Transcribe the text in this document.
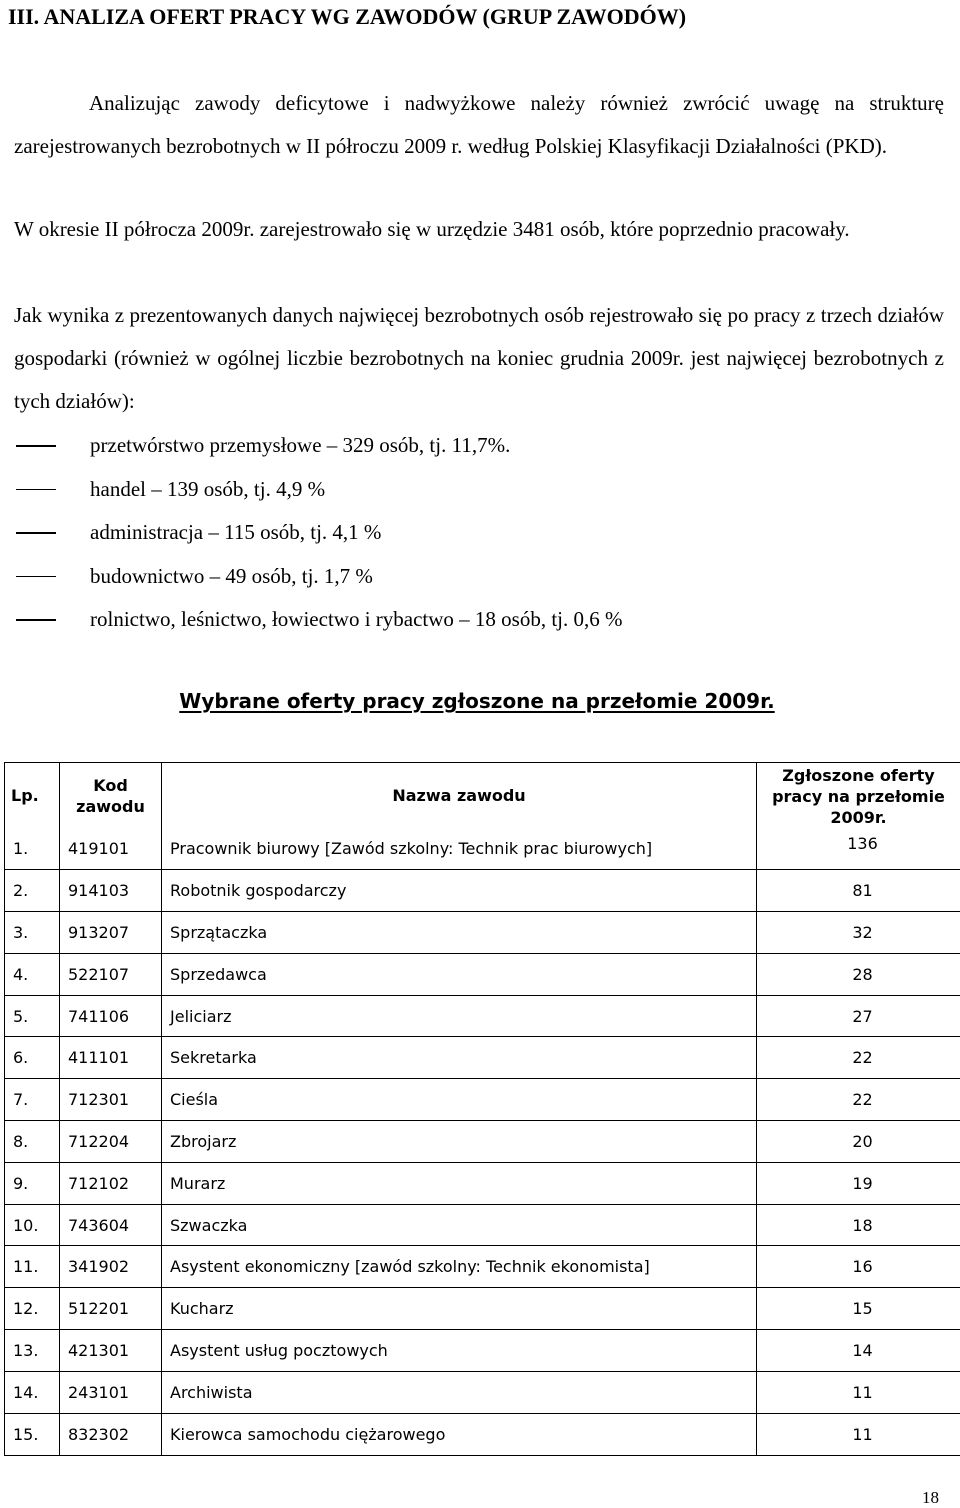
III. ANALIZA OFERT PRACY WG ZAWODÓW (GRUP ZAWODÓW)
Analizując zawody deficytowe i nadwyżkowe należy również zwrócić uwagę na strukturę zarejestrowanych bezrobotnych w II półroczu 2009 r. według Polskiej Klasyfikacji Działalności (PKD).
W okresie II półrocza 2009r. zarejestrowało się w urzędzie 3481 osób, które poprzednio pracowały.
Jak wynika z prezentowanych danych najwięcej bezrobotnych osób rejestrowało się po pracy z trzech działów gospodarki (również w ogólnej liczbie bezrobotnych na koniec grudnia 2009r. jest najwięcej bezrobotnych z tych działów):
przetwórstwo przemysłowe – 329 osób, tj. 11,7%.
handel – 139 osób, tj. 4,9 %
administracja – 115 osób, tj. 4,1 %
budownictwo – 49 osób, tj. 1,7 %
rolnictwo, leśnictwo, łowiectwo i rybactwo – 18 osób, tj. 0,6 %
Wybrane oferty pracy zgłoszone na przełomie 2009r.
Lp.	Kod zawodu	Nazwa zawodu	Zgłoszone oferty pracy na przełomie 2009r.
1.	419101	Pracownik biurowy [Zawód szkolny: Technik prac biurowych]	136
2.	914103	Robotnik gospodarczy	81
3.	913207	Sprzątaczka	32
4.	522107	Sprzedawca	28
5.	741106	Jeliciarz	27
6.	411101	Sekretarka	22
7.	712301	Cieśla	22
8.	712204	Zbrojarz	20
9.	712102	Murarz	19
10.	743604	Szwaczka	18
11.	341902	Asystent ekonomiczny [zawód szkolny: Technik ekonomista]	16
12.	512201	Kucharz	15
13.	421301	Asystent usług pocztowych	14
14.	243101	Archiwista	11
15.	832302	Kierowca samochodu ciężarowego	11
18
